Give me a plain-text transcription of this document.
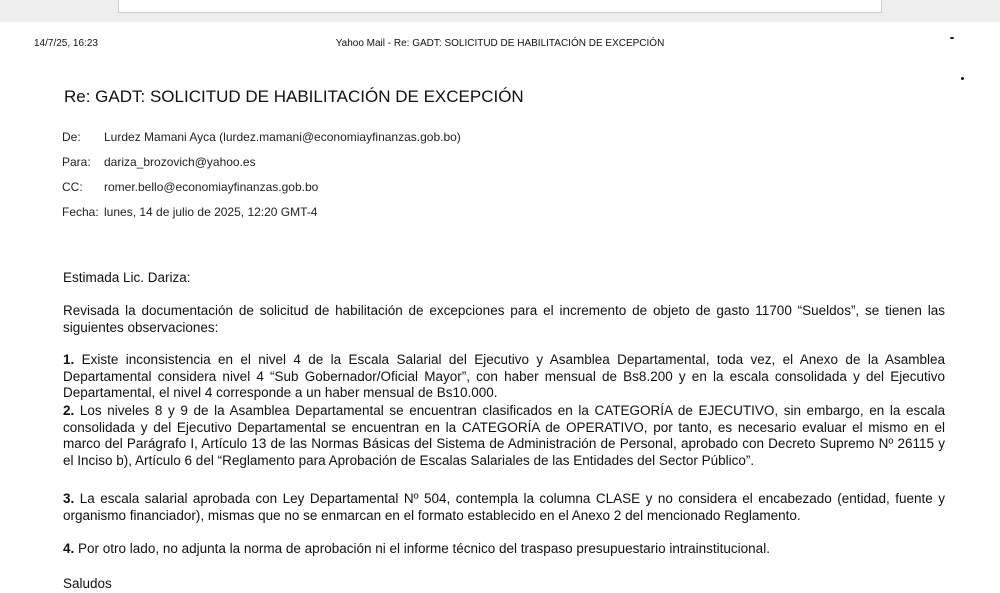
14/7/25, 16:23	Yahoo Mail - Re: GADT: SOLICITUD DE HABILITACIÓN DE EXCEPCIÓN
Re: GADT: SOLICITUD DE HABILITACIÓN DE EXCEPCIÓN
De: Lurdez Mamani Ayca (lurdez.mamani@economiayfinanzas.gob.bo)
Para: dariza_brozovich@yahoo.es
CC: romer.bello@economiayfinanzas.gob.bo
Fecha: lunes, 14 de julio de 2025, 12:20 GMT-4
Estimada Lic. Dariza:
Revisada la documentación de solicitud de habilitación de excepciones para el incremento de objeto de gasto 11700 “Sueldos”, se tienen las siguientes observaciones:
1. Existe inconsistencia en el nivel 4 de la Escala Salarial del Ejecutivo y Asamblea Departamental, toda vez, el Anexo de la Asamblea Departamental considera nivel 4 “Sub Gobernador/Oficial Mayor”, con haber mensual de Bs8.200 y en la escala consolidada y del Ejecutivo Departamental, el nivel 4 corresponde a un haber mensual de Bs10.000.
2. Los niveles 8 y 9 de la Asamblea Departamental se encuentran clasificados en la CATEGORÍA de EJECUTIVO, sin embargo, en la escala consolidada y del Ejecutivo Departamental se encuentran en la CATEGORÍA de OPERATIVO, por tanto, es necesario evaluar el mismo en el marco del Parágrafo I, Artículo 13 de las Normas Básicas del Sistema de Administración de Personal, aprobado con Decreto Supremo Nº 26115 y el Inciso b), Artículo 6 del “Reglamento para Aprobación de Escalas Salariales de las Entidades del Sector Público”.
3. La escala salarial aprobada con Ley Departamental Nº 504, contempla la columna CLASE y no considera el encabezado (entidad, fuente y organismo financiador), mismas que no se enmarcan en el formato establecido en el Anexo 2 del mencionado Reglamento.
4. Por otro lado, no adjunta la norma de aprobación ni el informe técnico del traspaso presupuestario intrainstitucional.
Saludos
